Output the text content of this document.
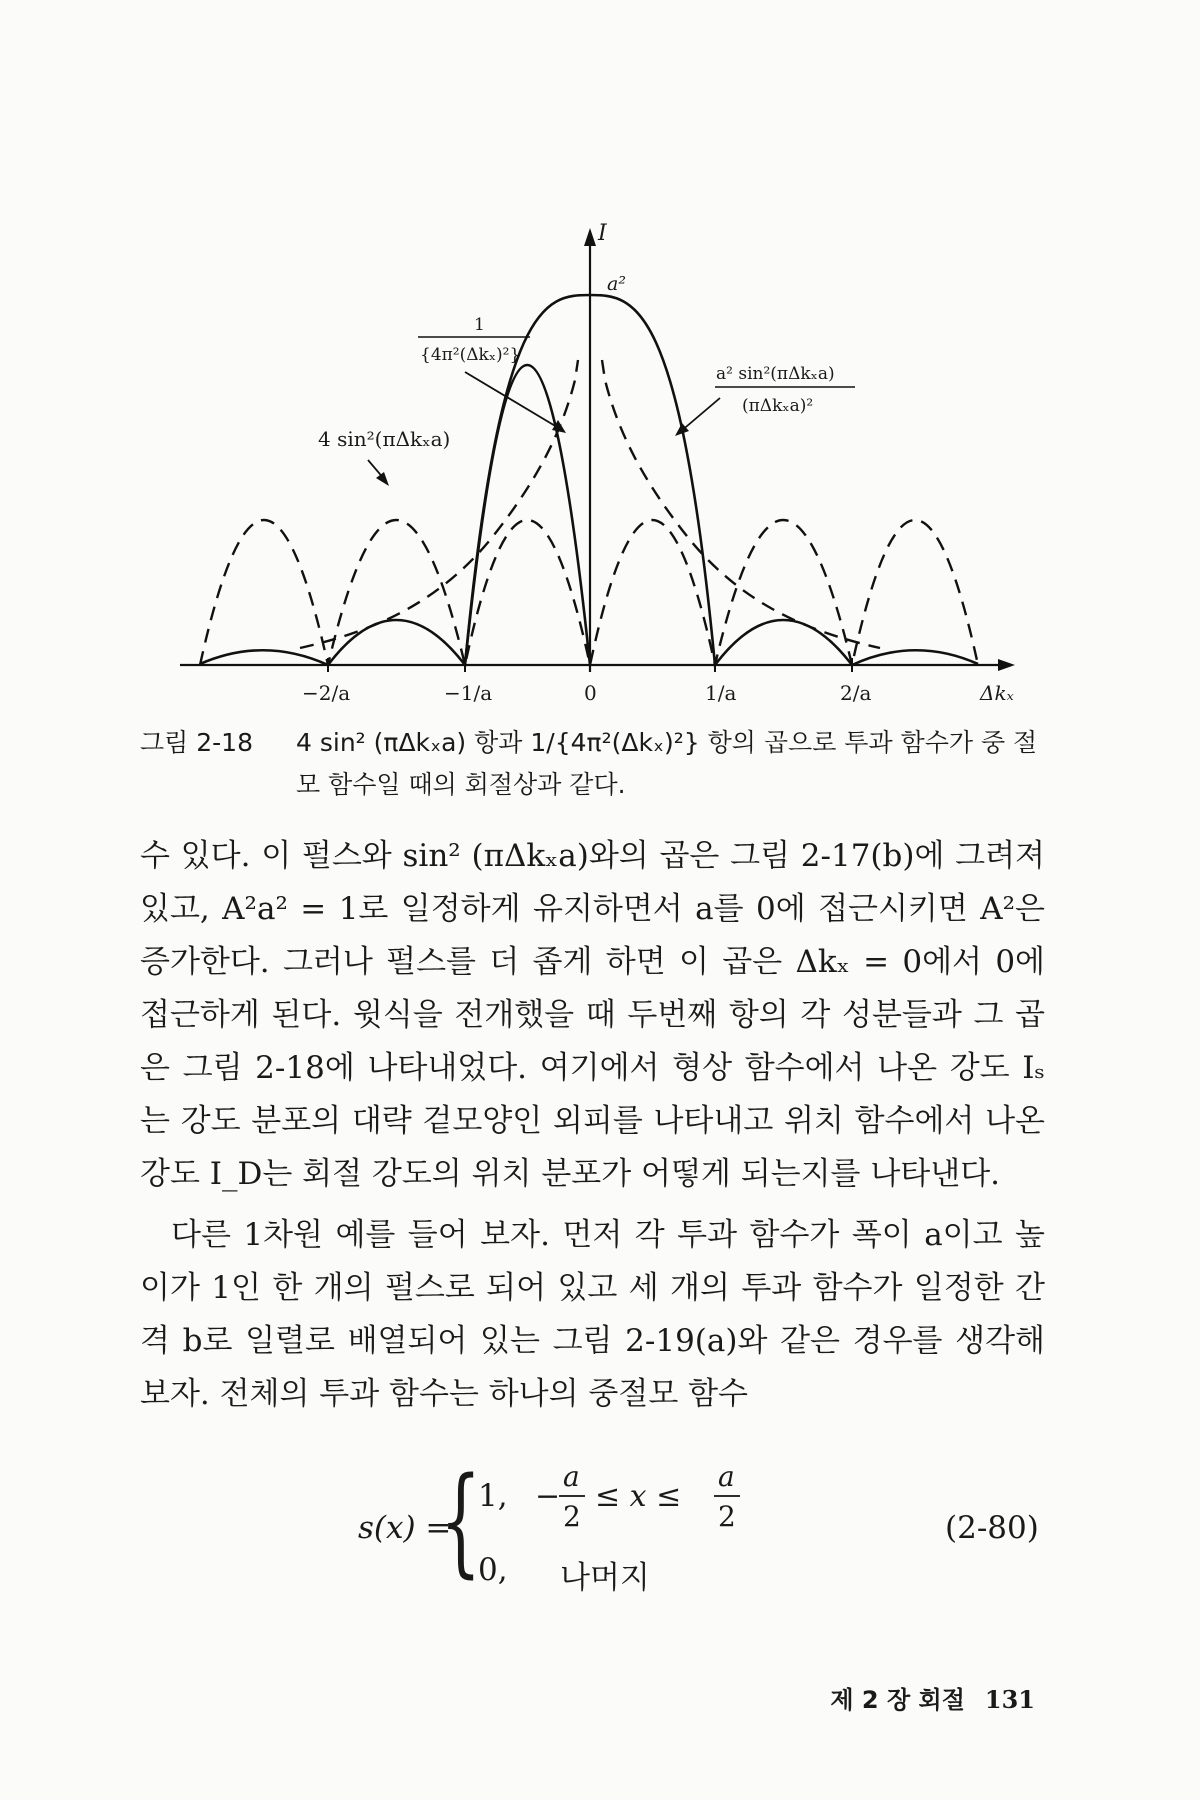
I
a²
1
{4π²(Δkₓ)²}
4 sin²(πΔkₓa)
a² sin²(πΔkₓa)
(πΔkₓa)²
−2/a	−1/a	0	1/a	2/a	Δkₓ
그림 2-18 4 sin² (πΔkₓa) 항과 1/{4π²(Δkₓ)²} 항의 곱으로 투과 함수가 중 절모 함수일 때의 회절상과 같다.

수 있다. 이 펄스와 sin² (πΔkₓa)와의 곱은 그림 2-17(b)에 그려져 있고, A²a² = 1로 일정하게 유지하면서 a를 0에 접근시키면 A²은 증가한다. 그러나 펄스를 더 좁게 하면 이 곱은 Δkₓ = 0에서 0에 접근하게 된다. 윗식을 전개했을 때 두번째 항의 각 성분들과 그 곱은 그림 2-18에 나타내었다. 여기에서 형상 함수에서 나온 강도 Iₛ는 강도 분포의 대략 겉모양인 외피를 나타내고 위치 함수에서 나온 강도 I_D는 회절 강도의 위치 분포가 어떻게 되는지를 나타낸다.

다른 1차원 예를 들어 보자. 먼저 각 투과 함수가 폭이 a이고 높이가 1인 한 개의 펄스로 되어 있고 세 개의 투과 함수가 일정한 간격 b로 일렬로 배열되어 있는 그림 2-19(a)와 같은 경우를 생각해 보자. 전체의 투과 함수는 하나의 중절모 함수

s(x) =
{
1, −
a
2
≤ x ≤
a
2
0, 나머지
(2-80)
제 2 장 회절 131
